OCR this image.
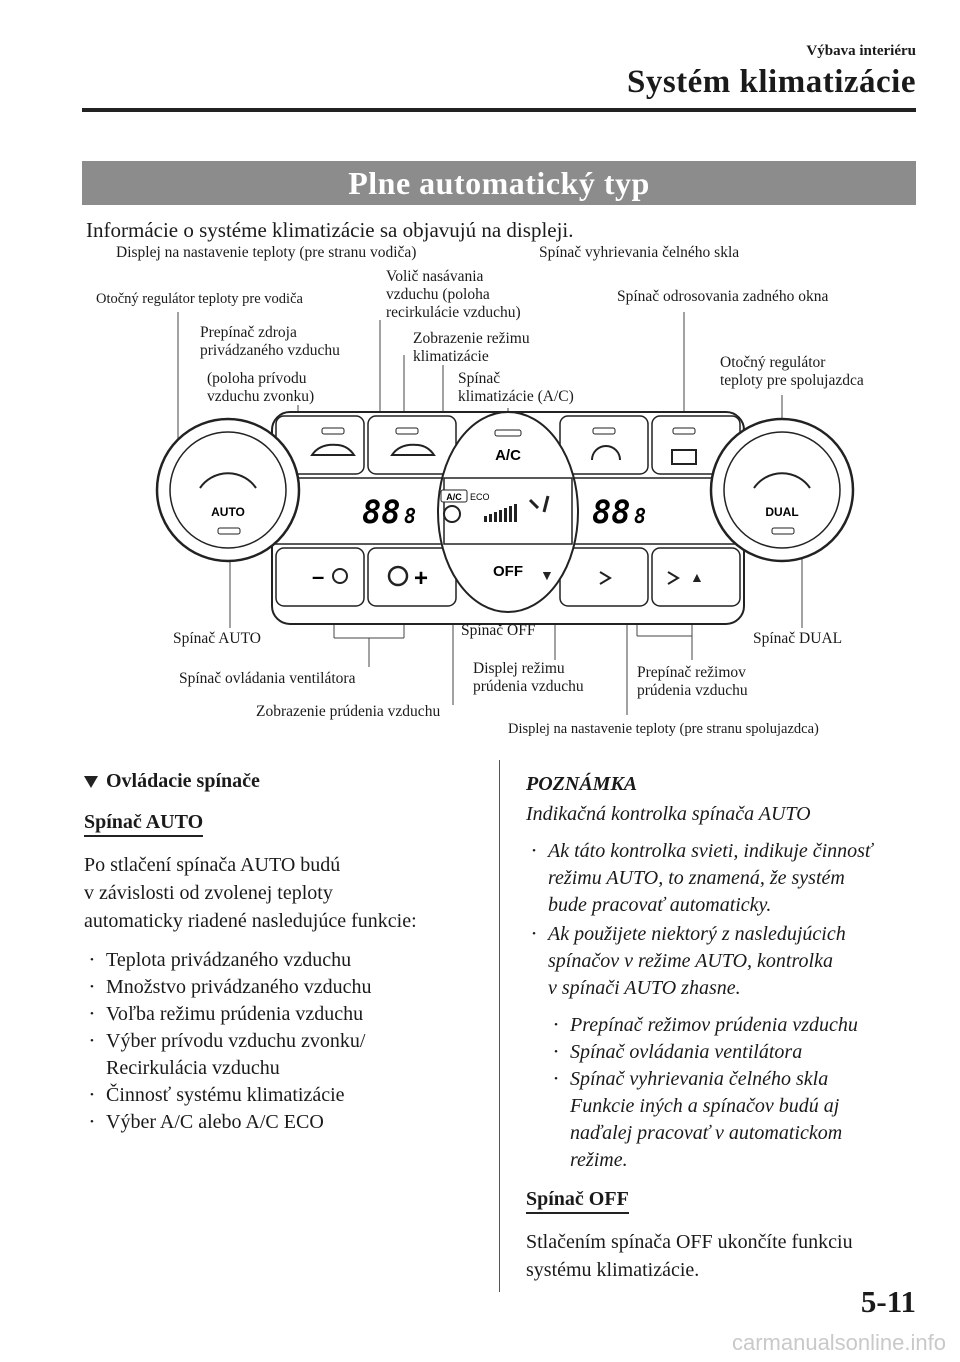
Výbava interiéru
Systém klimatizácie
Plne automatický typ
Informácie o systéme klimatizácie sa objavujú na displeji.
▼	▲
AUTO	DUAL
A/C
OFF
88 8	88 8
A/C ECO
–	+
Displej na nastavenie teploty (pre stranu vodiča)	Spínač vyhrievania čelného skla
Otočný regulátor teploty pre vodiča
Volič nasávania
vzduchu (poloha
recirkulácie vzduchu)
Spínač odrosovania zadného okna
Prepínač zdroja
privádzaného vzduchu
Zobrazenie režimu
klimatizácie	Otočný regulátor
teploty pre spolujazdca
(poloha prívodu
vzduchu zvonku)
Spínač
klimatizácie (A/C)
Spínač AUTO	Spínač OFF	Spínač DUAL
Spínač ovládania ventilátora
Displej režimu
prúdenia vzduchu
Prepínač režimov
prúdenia vzduchu
Zobrazenie prúdenia vzduchu
Displej na nastavenie teploty (pre stranu spolujazdca)
Ovládacie spínače
Spínač AUTO
Po stlačení spínača AUTO budú
v závislosti od zvolenej teploty
automaticky riadené nasledujúce funkcie:
• Teplota privádzaného vzduchu
• Množstvo privádzaného vzduchu
• Voľba režimu prúdenia vzduchu
• Výber prívodu vzduchu zvonku/
Recirkulácia vzduchu
• Činnosť systému klimatizácie
• Výber A/C alebo A/C ECO
POZNÁMKA
Indikačná kontrolka spínača AUTO
• Ak táto kontrolka svieti, indikuje činnosť
režimu AUTO, to znamená, že systém
bude pracovať automaticky.
• Ak použijete niektorý z nasledujúcich
spínačov v režime AUTO, kontrolka
v spínači AUTO zhasne.
• Prepínač režimov prúdenia vzduchu
• Spínač ovládania ventilátora
• Spínač vyhrievania čelného skla
Funkcie iných a spínačov budú aj
naďalej pracovať v automatickom
režime.
Spínač OFF
Stlačením spínača OFF ukončíte funkciu
systému klimatizácie.
5-11
carmanualsonline.info
